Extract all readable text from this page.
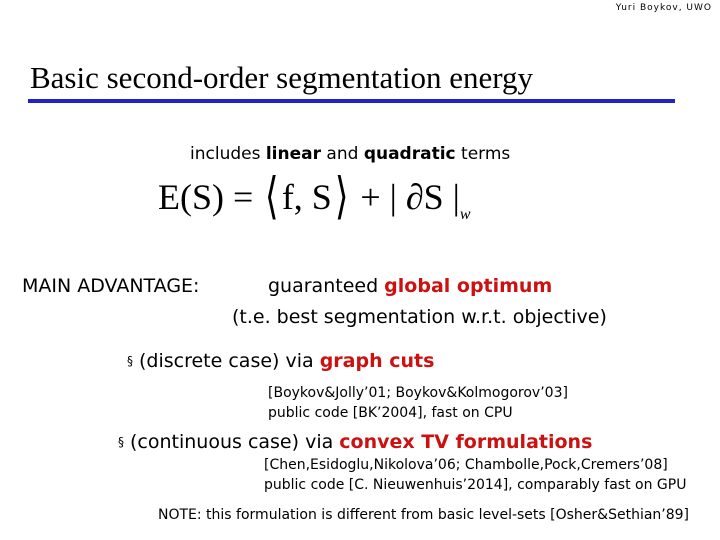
Yuri Boykov, UWO
Basic second-order segmentation energy
includes linear and quadratic terms
E(S) = ⟨f, S⟩ + | ∂S $|_w$
MAIN ADVANTAGE:	guaranteed global optimum
(t.e. best segmentation w.r.t. objective)
§ (discrete case) via graph cuts
[Boykov&Jolly’01; Boykov&Kolmogorov’03]
public code [BK’2004], fast on CPU
§ (continuous case) via convex TV formulations
[Chen,Esidoglu,Nikolova’06; Chambolle,Pock,Cremers’08]
public code [C. Nieuwenhuis’2014], comparably fast on GPU
NOTE: this formulation is different from basic level-sets [Osher&Sethian’89]
